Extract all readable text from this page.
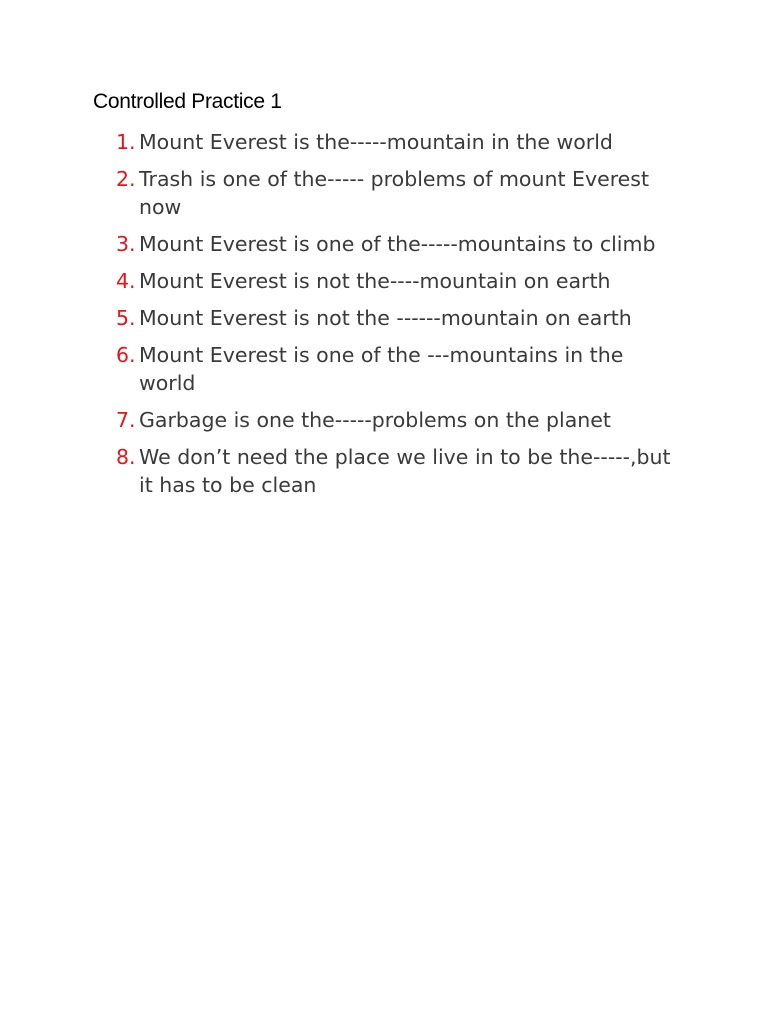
Controlled Practice 1
1. Mount Everest is the-----mountain in the world
2. Trash is one of the----- problems of mount Everest now
3. Mount Everest is one of the-----mountains to climb
4. Mount Everest is not the----mountain on earth
5. Mount Everest is not the ------mountain on earth
6. Mount Everest is one of the ---mountains in the world
7. Garbage is one the-----problems on the planet
8. We don’t need the place we live in to be the-----,but it has to be clean
